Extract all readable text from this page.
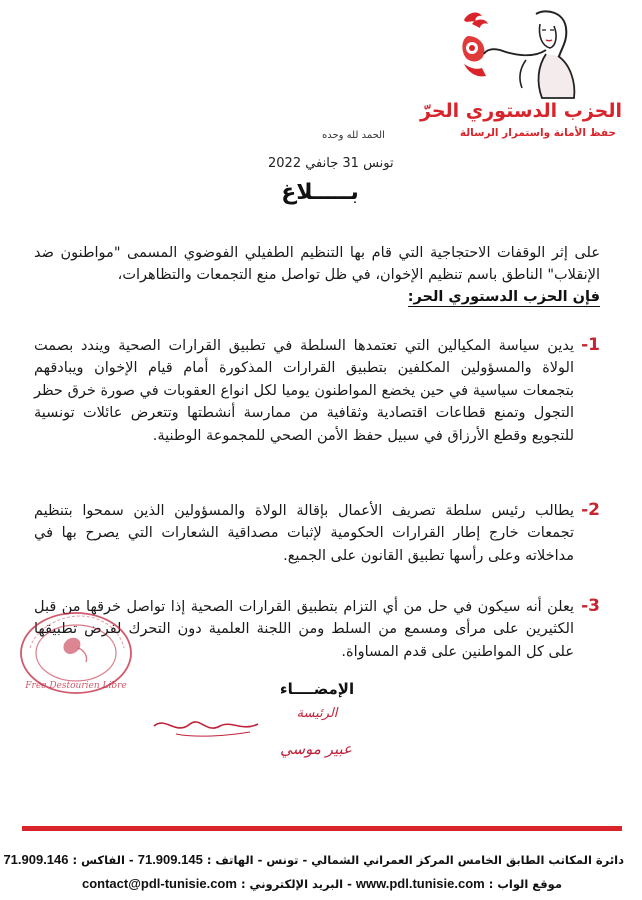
الحزب الدستوري الحرّ
حفظ الأمانة واستمرار الرسالة
الحمد لله وحده
تونس 31 جانفي 2022
بـــــلاغ
على إثر الوقفات الاحتجاجية التي قام بها التنظيم الطفيلي الفوضوي المسمى "مواطنون ضد الإنقلاب" الناطق باسم تنظيم الإخوان، في ظل تواصل منع التجمعات والتظاهرات،
فإن الحزب الدستوري الحر:
1-
يدين سياسة المكيالين التي تعتمدها السلطة في تطبيق القرارات الصحية ويندد بصمت الولاة والمسؤولين المكلفين بتطبيق القرارات المذكورة أمام قيام الإخوان ويبادقهم بتجمعات سياسية في حين يخضع المواطنون يوميا لكل انواع العقوبات في صورة خرق حظر التجول وتمنع قطاعات اقتصادية وثقافية من ممارسة أنشطتها وتتعرض عائلات تونسية للتجويع وقطع الأرزاق في سبيل حفظ الأمن الصحي للمجموعة الوطنية.
2-
يطالب رئيس سلطة تصريف الأعمال بإقالة الولاة والمسؤولين الذين سمحوا بتنظيم تجمعات خارج إطار القرارات الحكومية لإثبات مصداقية الشعارات التي يصرح بها في مداخلاته وعلى رأسها تطبيق القانون على الجميع.
3-
يعلن أنه سيكون في حل من أي التزام بتطبيق القرارات الصحية إذا تواصل خرقها من قبل الكثيرين على مرأى ومسمع من السلط ومن اللجنة العلمية دون التحرك لفرض تطبيقها على كل المواطنين على قدم المساواة.
Free Destourien Libre	الإمضــــاء
الرئيسة
عبير موسي
دائرة المكاتب الطابق الخامس المركز العمراني الشمالي - تونس - الهاتف : 71.909.145 - الفاكس : 71.909.146
موقع الواب : www.pdl.tunisie.com - البريد الإلكتروني : contact@pdl-tunisie.com
